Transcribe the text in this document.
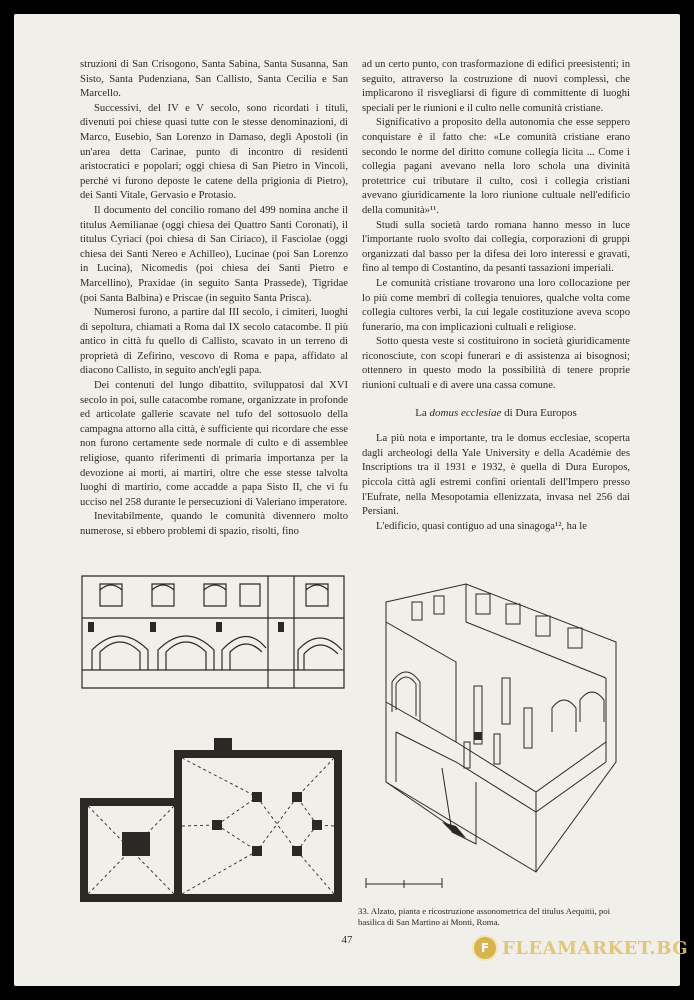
struzioni di San Crisogono, Santa Sabina, Santa Susanna, San Sisto, Santa Pudenziana, San Callisto, Santa Cecilia e San Marcello.

Successivi, del IV e V secolo, sono ricordati i tituli, divenuti poi chiese quasi tutte con le stesse denominazioni, di Marco, Eusebio, San Lorenzo in Damaso, degli Apostoli (in un'area detta Carinae, punto di incontro di residenti aristocratici e popolari; oggi chiesa di San Pietro in Vincoli, perché vi furono deposte le catene della prigionia di Pietro), dei Santi Vitale, Gervasio e Protasio.

Il documento del concilio romano del 499 nomina anche il titulus Aemilianae (oggi chiesa dei Quattro Santi Coronati), il titulus Cyriaci (poi chiesa di San Ciriaco), il Fasciolae (oggi chiesa dei Santi Nereo e Achilleo), Lucinae (poi San Lorenzo in Lucina), Nicomedis (poi chiesa dei Santi Pietro e Marcellino), Praxidae (in seguito Santa Prassede), Tigridae (poi Santa Balbina) e Priscae (in seguito Santa Prisca).

Numerosi furono, a partire dal III secolo, i cimiteri, luoghi di sepoltura, chiamati a Roma dal IX secolo catacombe. Il più antico in città fu quello di Callisto, scavato in un terreno di proprietà di Zefirino, vescovo di Roma e papa, affidato al diacono Callisto, in seguito anch'egli papa.

Dei contenuti del lungo dibattito, sviluppatosi dal XVI secolo in poi, sulle catacombe romane, organizzate in profonde ed articolate gallerie scavate nel tufo del sottosuolo della campagna attorno alla città, è sufficiente qui ricordare che esse non furono certamente sede normale di culto e di assemblee religiose, quanto riferimenti di primaria importanza per la devozione ai morti, ai martiri, oltre che esse stesse talvolta luoghi di martirio, come accadde a papa Sisto II, che vi fu ucciso nel 258 durante le persecuzioni di Valeriano imperatore.

Inevitabilmente, quando le comunità divennero molto numerose, si ebbero problemi di spazio, risolti, fino

ad un certo punto, con trasformazione di edifici preesistenti; in seguito, attraverso la costruzione di nuovi complessi, che implicarono il risvegliarsi di figure di committente di luoghi speciali per le riunioni e il culto nelle comunità cristiane.

Significativo a proposito della autonomia che esse seppero conquistare è il fatto che: «Le comunità cristiane erano secondo le norme del diritto comune collegia licita ... Come i collegia pagani avevano nella loro schola una divinità protettrice cui tributare il culto, così i collegia cristiani avevano giuridicamente la loro riunione cultuale nell'edificio della comunità»¹¹.

Studi sulla società tardo romana hanno messo in luce l'importante ruolo svolto dai collegia, corporazioni di gruppi organizzati dal basso per la difesa dei loro interessi e gravati, fino al tempo di Costantino, da pesanti tassazioni imperiali.

Le comunità cristiane trovarono una loro collocazione per lo più come membri di collegia tenuiores, qualche volta come collegia cultores verbi, la cui legale costituzione aveva scopo funerario, ma con implicazioni cultuali e religiose.

Sotto questa veste si costituirono in società giuridicamente riconosciute, con scopi funerari e di assistenza ai bisognosi; ottennero in questo modo la possibilità di tenere proprie riunioni cultuali e di avere una cassa comune.

La domus ecclesiae di Dura Europos

La più nota e importante, tra le domus ecclesiae, scoperta dagli archeologi della Yale University e della Académie des Inscriptions tra il 1931 e 1932, è quella di Dura Europos, piccola città agli estremi confini orientali dell'Impero presso l'Eufrate, nella Mesopotamia ellenizzata, invasa nel 256 dai Persiani.

L'edificio, quasi contiguo ad una sinagoga¹², ha le

33. Alzato, pianta e ricostruzione assonometrica del titulus Aequitii, poi basilica di San Martino ai Monti, Roma.
47
F FLEAMARKET.BG
